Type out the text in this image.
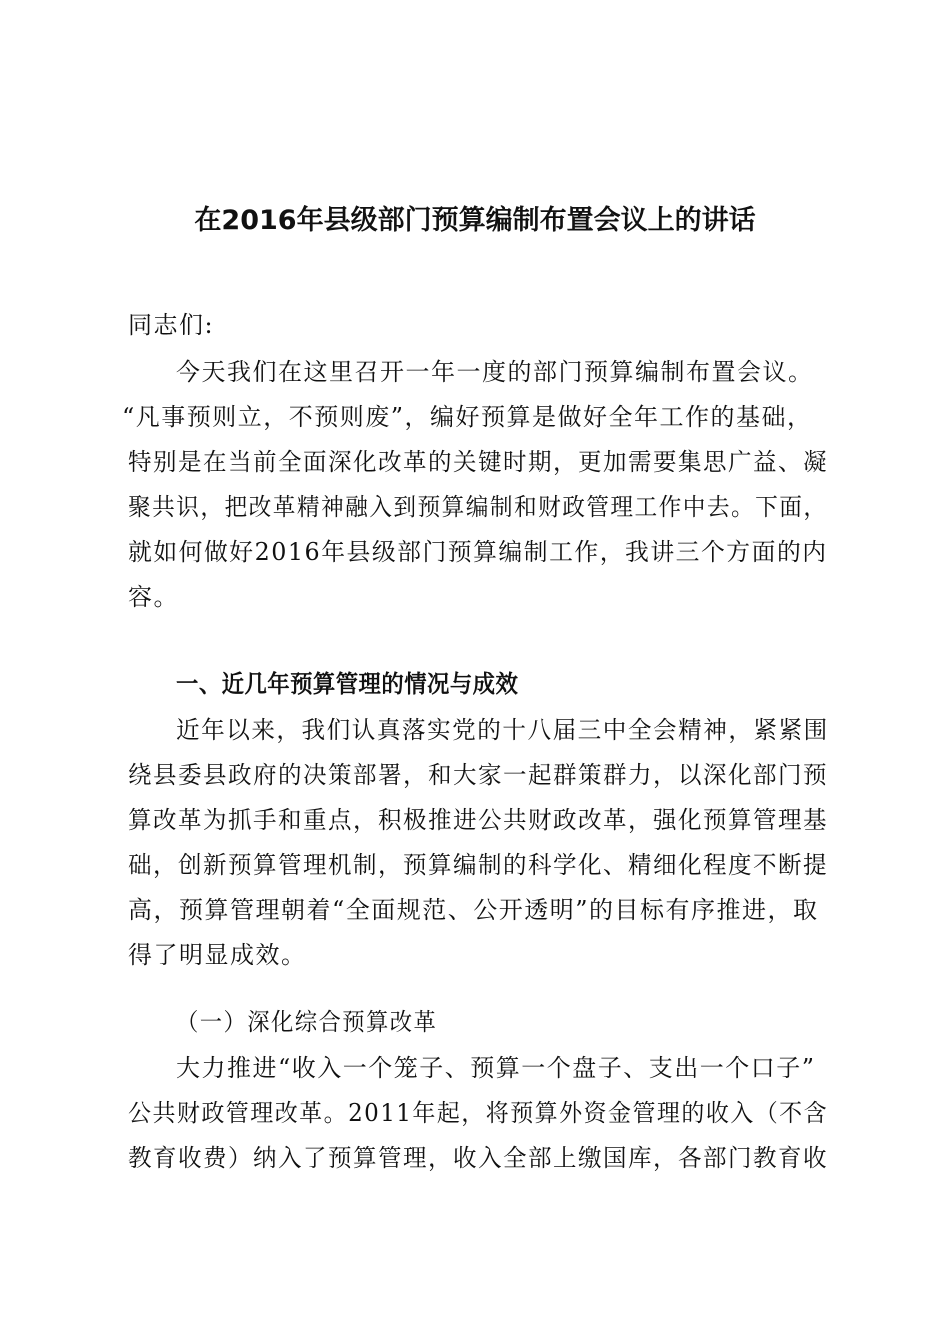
在2016年县级部门预算编制布置会议上的讲话
同志们:
今天我们在这里召开一年一度的部门预算编制布置会议。
“凡事预则立，不预则废”，编好预算是做好全年工作的基础，
特别是在当前全面深化改革的关键时期，更加需要集思广益、凝
聚共识，把改革精神融入到预算编制和财政管理工作中去。下面，
就如何做好2016年县级部门预算编制工作，我讲三个方面的内
容。
一、近几年预算管理的情况与成效
近年以来，我们认真落实党的十八届三中全会精神，紧紧围
绕县委县政府的决策部署，和大家一起群策群力，以深化部门预
算改革为抓手和重点，积极推进公共财政改革，强化预算管理基
础，创新预算管理机制，预算编制的科学化、精细化程度不断提
高，预算管理朝着“全面规范、公开透明”的目标有序推进，取
得了明显成效。
（一）深化综合预算改革
大力推进“收入一个笼子、预算一个盘子、支出一个口子”
公共财政管理改革。2011年起，将预算外资金管理的收入（不含
教育收费）纳入了预算管理，收入全部上缴国库，各部门教育收
